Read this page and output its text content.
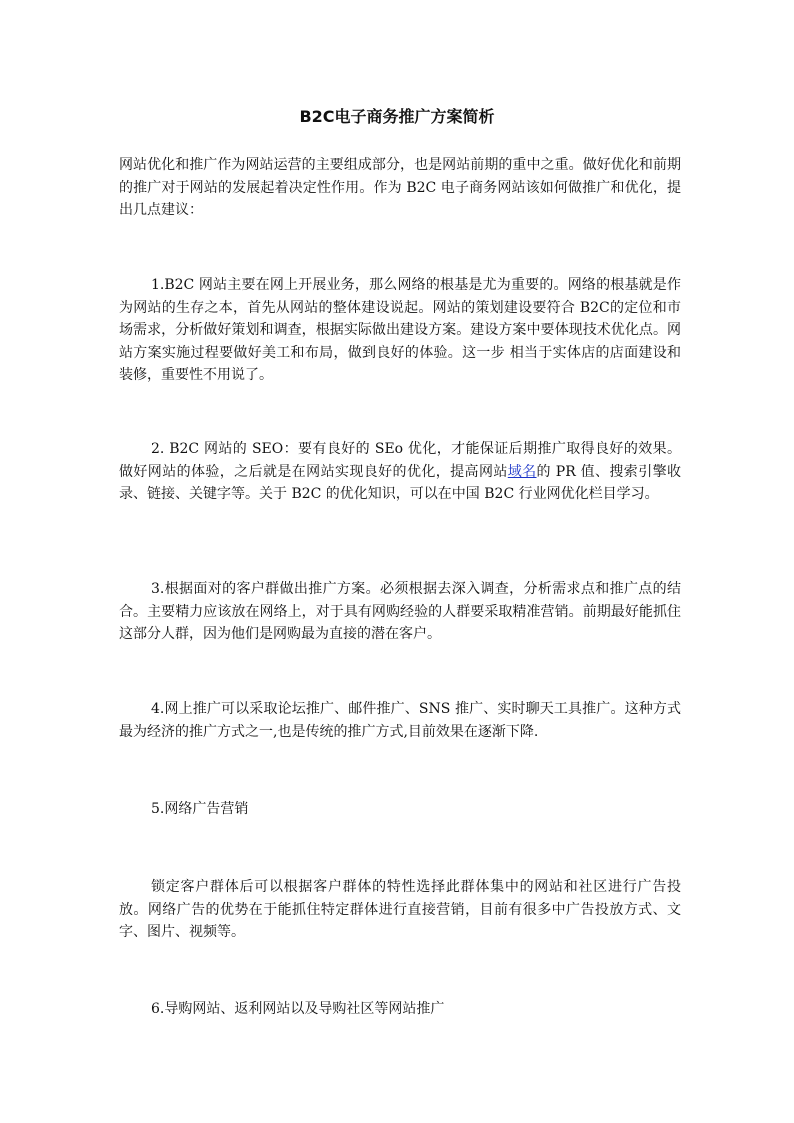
B2C电子商务推广方案简析

网站优化和推广作为网站运营的主要组成部分，也是网站前期的重中之重。做好优化和前期的推广对于网站的发展起着决定性作用。作为 B2C 电子商务网站该如何做推广和优化，提出几点建议：

1.B2C 网站主要在网上开展业务，那么网络的根基是尤为重要的。网络的根基就是作为网站的生存之本，首先从网站的整体建设说起。网站的策划建设要符合 B2C的定位和市场需求，分析做好策划和调查，根据实际做出建设方案。建设方案中要体现技术优化点。网站方案实施过程要做好美工和布局，做到良好的体验。这一步 相当于实体店的店面建设和装修，重要性不用说了。

2. B2C 网站的 SEO：要有良好的 SEo 优化，才能保证后期推广取得良好的效果。做好网站的体验，之后就是在网站实现良好的优化，提高网站域名的 PR 值、搜索引擎收录、链接、关键字等。关于 B2C 的优化知识，可以在中国 B2C 行业网优化栏目学习。

3.根据面对的客户群做出推广方案。必须根据去深入调查，分析需求点和推广点的结合。主要精力应该放在网络上，对于具有网购经验的人群要采取精准营销。前期最好能抓住这部分人群，因为他们是网购最为直接的潜在客户。

4.网上推广可以采取论坛推广、邮件推广、SNS 推广、实时聊天工具推广。这种方式最为经济的推广方式之一,也是传统的推广方式,目前效果在逐渐下降.

5.网络广告营销

锁定客户群体后可以根据客户群体的特性选择此群体集中的网站和社区进行广告投放。网络广告的优势在于能抓住特定群体进行直接营销，目前有很多中广告投放方式、文字、图片、视频等。

6.导购网站、返利网站以及导购社区等网站推广
